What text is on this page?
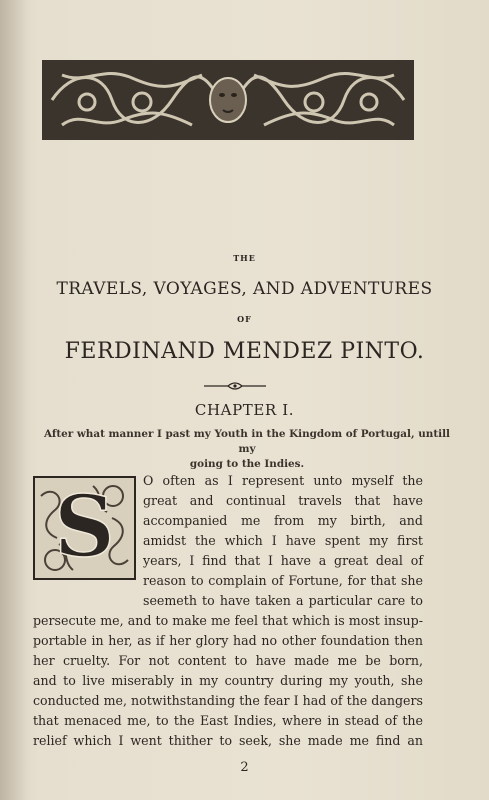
THE
TRAVELS, VOYAGES, AND ADVENTURES
OF
FERDINAND MENDEZ PINTO.
CHAPTER I.
After what manner I past my Youth in the Kingdom of Portugal, untill my
going to the Indies.
S O often as I represent unto myself the
great and continual travels that have
accompanied me from my birth, and
amidst the which I have spent my first
years, I find that I have a great deal of
reason to complain of Fortune, for that she
seemeth to have taken a particular care to
persecute me, and to make me feel that which is most insup-
portable in her, as if her glory had no other foundation then
her cruelty. For not content to have made me be born,
and to live miserably in my country during my youth, she
conducted me, notwithstanding the fear I had of the dangers
that menaced me, to the East Indies, where in stead of the
relief which I went thither to seek, she made me find an
2
